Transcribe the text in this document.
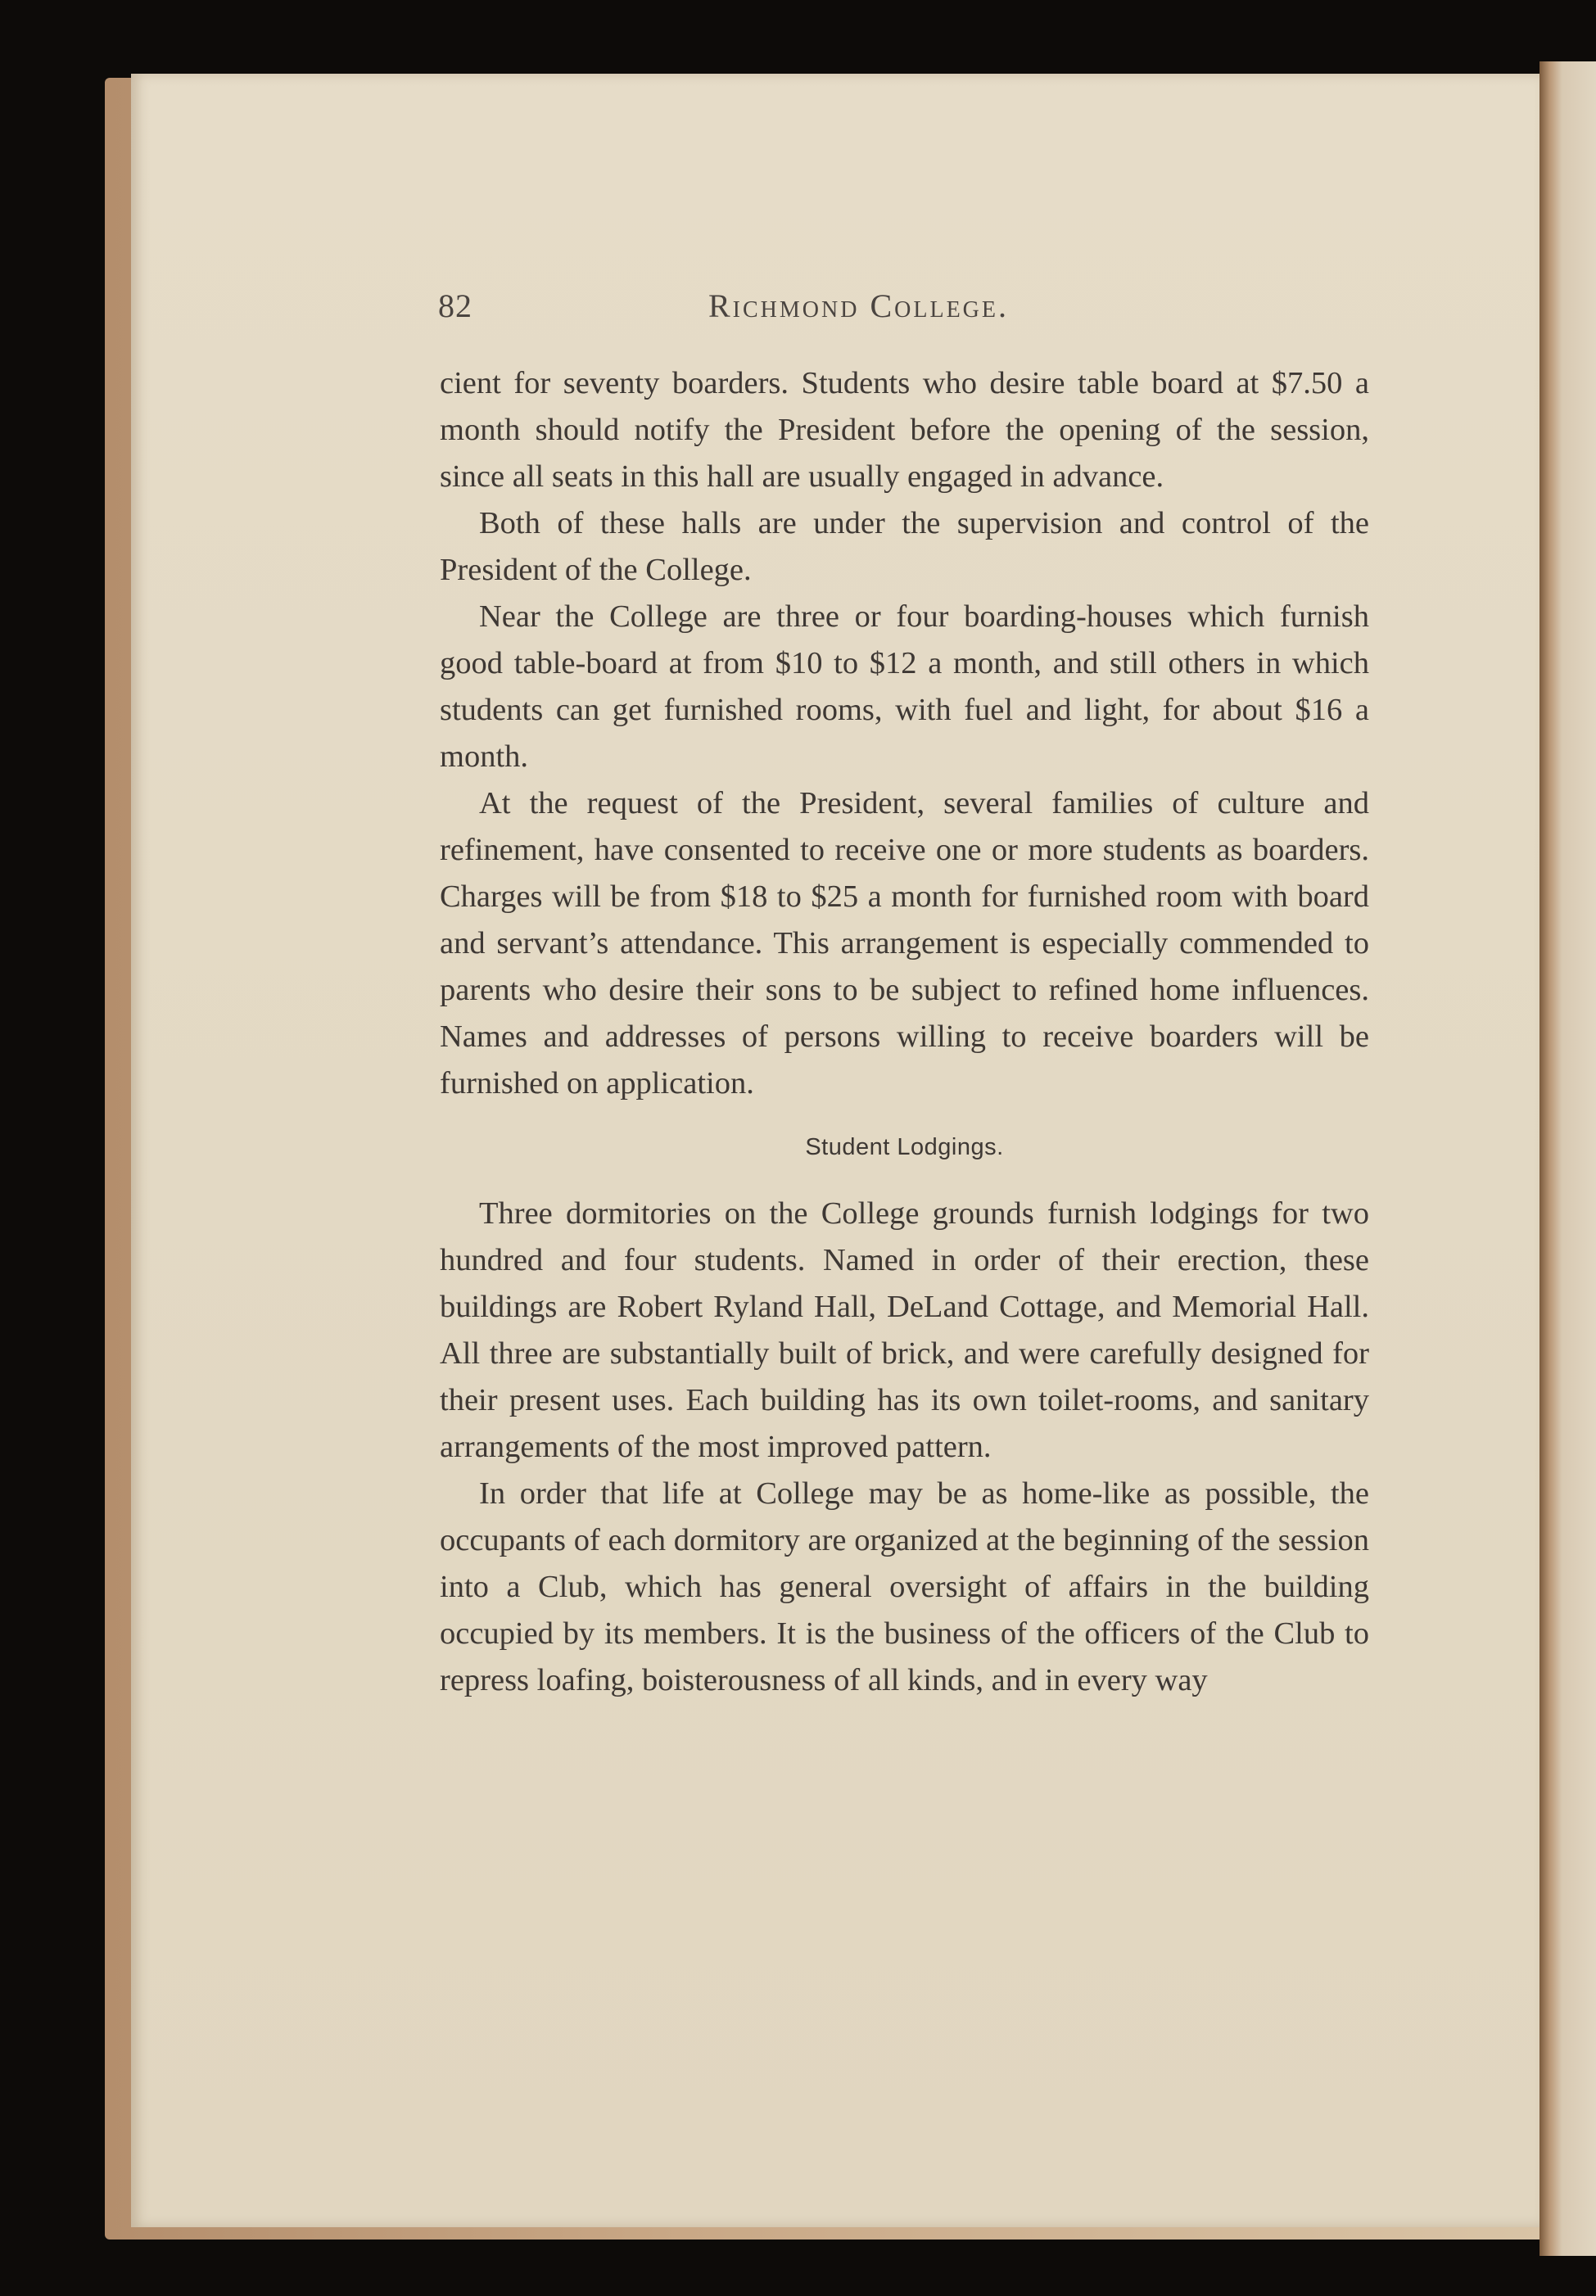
82	Richmond College.

cient for seventy boarders. Students who desire table board at $7.50 a month should notify the President before the opening of the session, since all seats in this hall are usually engaged in advance.

Both of these halls are under the supervision and control of the President of the College.

Near the College are three or four boarding-houses which furnish good table-board at from $10 to $12 a month, and still others in which students can get furnished rooms, with fuel and light, for about $16 a month.

At the request of the President, several families of culture and refinement, have consented to receive one or more students as boarders. Charges will be from $18 to $25 a month for furnished room with board and servant’s attendance. This arrangement is especially commended to parents who desire their sons to be subject to refined home influences. Names and addresses of persons willing to receive boarders will be furnished on application.

Student Lodgings.

Three dormitories on the College grounds furnish lodgings for two hundred and four students. Named in order of their erection, these buildings are Robert Ryland Hall, DeLand Cottage, and Memorial Hall. All three are substantially built of brick, and were carefully designed for their present uses. Each building has its own toilet-rooms, and sanitary arrangements of the most improved pattern.

In order that life at College may be as home-like as possible, the occupants of each dormitory are organized at the beginning of the session into a Club, which has general oversight of affairs in the building occupied by its members. It is the business of the officers of the Club to repress loafing, boisterousness of all kinds, and in every way
